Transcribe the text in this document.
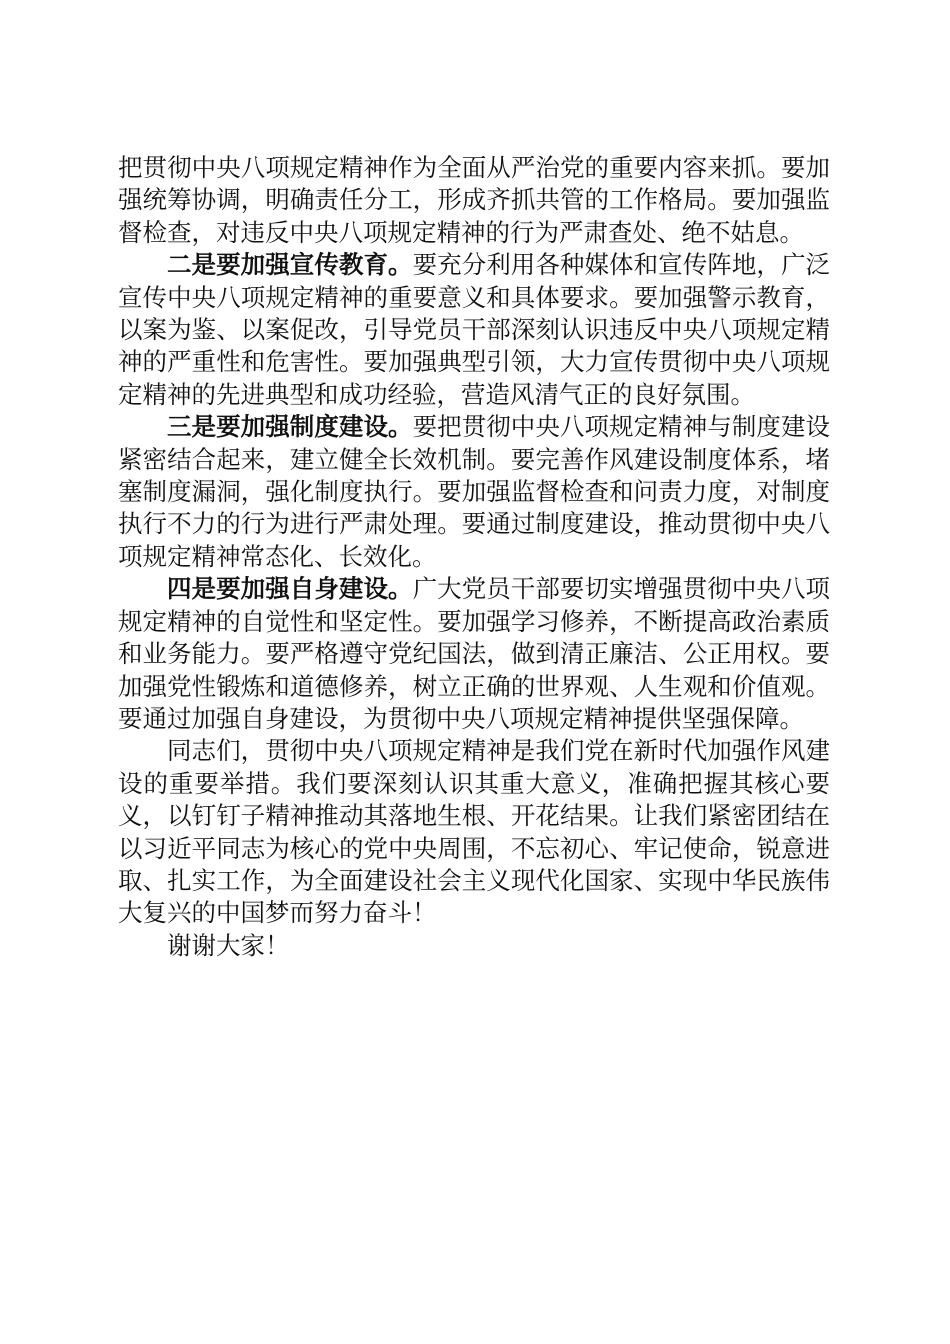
把贯彻中央八项规定精神作为全面从严治党的重要内容来抓。要加强统筹协调，明确责任分工，形成齐抓共管的工作格局。要加强监督检查，对违反中央八项规定精神的行为严肃查处、绝不姑息。

二是要加强宣传教育。要充分利用各种媒体和宣传阵地，广泛宣传中央八项规定精神的重要意义和具体要求。要加强警示教育，以案为鉴、以案促改，引导党员干部深刻认识违反中央八项规定精神的严重性和危害性。要加强典型引领，大力宣传贯彻中央八项规定精神的先进典型和成功经验，营造风清气正的良好氛围。

三是要加强制度建设。要把贯彻中央八项规定精神与制度建设紧密结合起来，建立健全长效机制。要完善作风建设制度体系，堵塞制度漏洞，强化制度执行。要加强监督检查和问责力度，对制度执行不力的行为进行严肃处理。要通过制度建设，推动贯彻中央八项规定精神常态化、长效化。

四是要加强自身建设。广大党员干部要切实增强贯彻中央八项规定精神的自觉性和坚定性。要加强学习修养，不断提高政治素质和业务能力。要严格遵守党纪国法，做到清正廉洁、公正用权。要加强党性锻炼和道德修养，树立正确的世界观、人生观和价值观。要通过加强自身建设，为贯彻中央八项规定精神提供坚强保障。

同志们，贯彻中央八项规定精神是我们党在新时代加强作风建设的重要举措。我们要深刻认识其重大意义，准确把握其核心要义，以钉钉子精神推动其落地生根、开花结果。让我们紧密团结在以习近平同志为核心的党中央周围，不忘初心、牢记使命，锐意进取、扎实工作，为全面建设社会主义现代化国家、实现中华民族伟大复兴的中国梦而努力奋斗！

谢谢大家！
